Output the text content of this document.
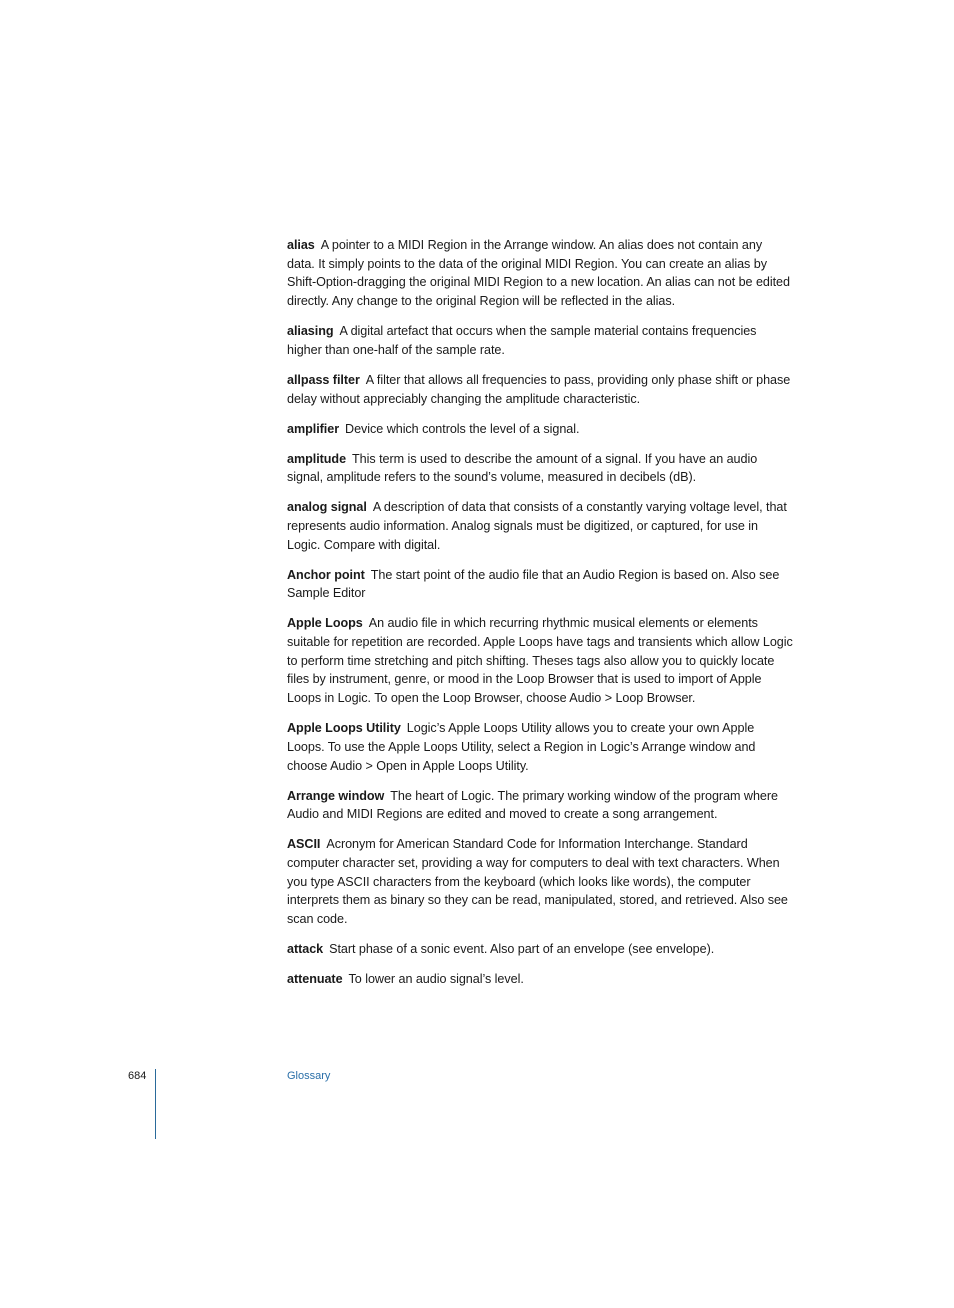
alias A pointer to a MIDI Region in the Arrange window. An alias does not contain any data. It simply points to the data of the original MIDI Region. You can create an alias by Shift-Option-dragging the original MIDI Region to a new location. An alias can not be edited directly. Any change to the original Region will be reflected in the alias.

aliasing A digital artefact that occurs when the sample material contains frequencies higher than one-half of the sample rate.

allpass filter A filter that allows all frequencies to pass, providing only phase shift or phase delay without appreciably changing the amplitude characteristic.

amplifier Device which controls the level of a signal.

amplitude This term is used to describe the amount of a signal. If you have an audio signal, amplitude refers to the sound’s volume, measured in decibels (dB).

analog signal A description of data that consists of a constantly varying voltage level, that represents audio information. Analog signals must be digitized, or captured, for use in Logic. Compare with digital.

Anchor point The start point of the audio file that an Audio Region is based on. Also see Sample Editor

Apple Loops An audio file in which recurring rhythmic musical elements or elements suitable for repetition are recorded. Apple Loops have tags and transients which allow Logic to perform time stretching and pitch shifting. Theses tags also allow you to quickly locate files by instrument, genre, or mood in the Loop Browser that is used to import of Apple Loops in Logic. To open the Loop Browser, choose Audio > Loop Browser.

Apple Loops Utility Logic’s Apple Loops Utility allows you to create your own Apple Loops. To use the Apple Loops Utility, select a Region in Logic’s Arrange window and choose Audio > Open in Apple Loops Utility.

Arrange window The heart of Logic. The primary working window of the program where Audio and MIDI Regions are edited and moved to create a song arrangement.

ASCII Acronym for American Standard Code for Information Interchange. Standard computer character set, providing a way for computers to deal with text characters. When you type ASCII characters from the keyboard (which looks like words), the computer interprets them as binary so they can be read, manipulated, stored, and retrieved. Also see scan code.

attack Start phase of a sonic event. Also part of an envelope (see envelope).

attenuate To lower an audio signal’s level.

684	Glossary
